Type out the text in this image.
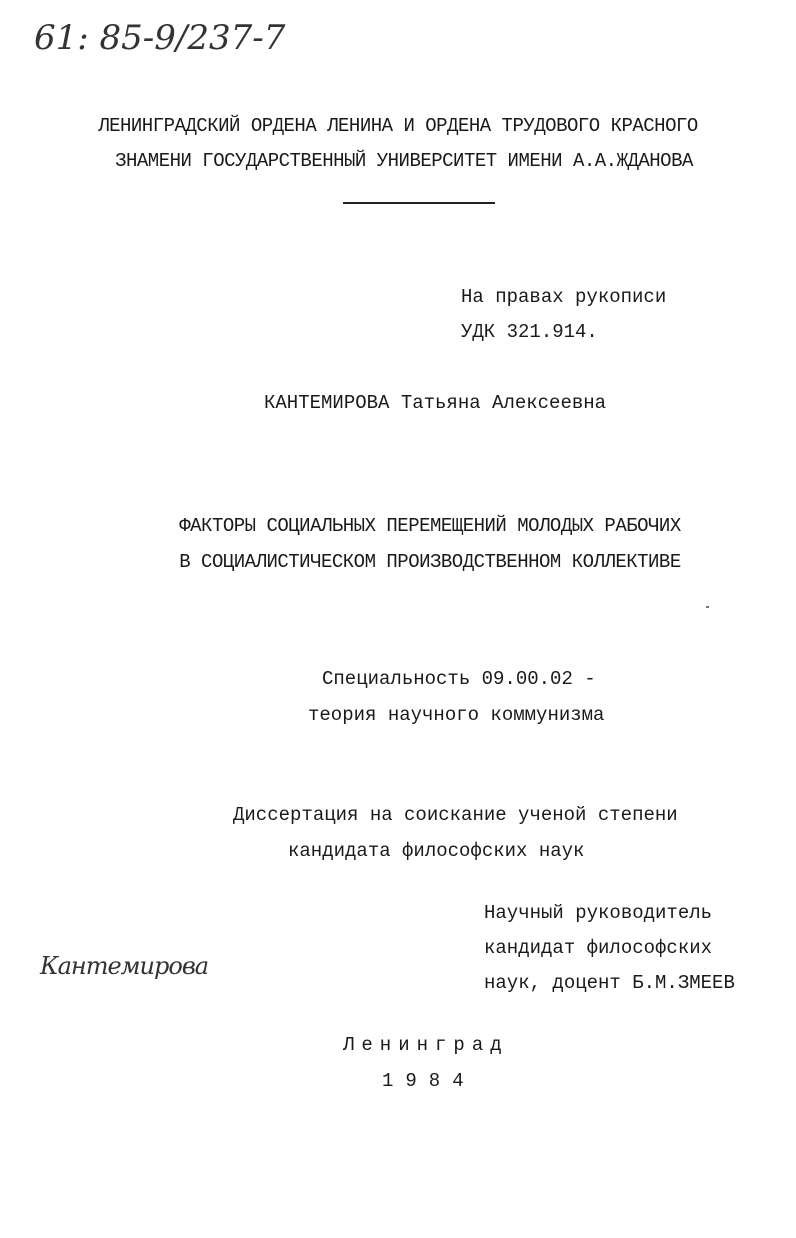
61: 85-9/237-7
ЛЕНИНГРАДСКИЙ ОРДЕНА ЛЕНИНА И ОРДЕНА ТРУДОВОГО КРАСНОГО
ЗНАМЕНИ ГОСУДАРСТВЕННЫЙ УНИВЕРСИТЕТ ИМЕНИ А.А.ЖДАНОВА
На правах рукописи
УДК 321.914.
КАНТЕМИРОВА Татьяна Алексеевна
ФАКТОРЫ СОЦИАЛЬНЫХ ПЕРЕМЕЩЕНИЙ МОЛОДЫХ РАБОЧИХ
В СОЦИАЛИСТИЧЕСКОМ ПРОИЗВОДСТВЕННОМ КОЛЛЕКТИВЕ
Специальность 09.00.02 -
теория научного коммунизма
Диссертация на соискание ученой степени
кандидата философских наук
Научный руководитель
кандидат философских
наук, доцент Б.М.ЗМЕЕВ
Кантемирова
Ленинград
1984
